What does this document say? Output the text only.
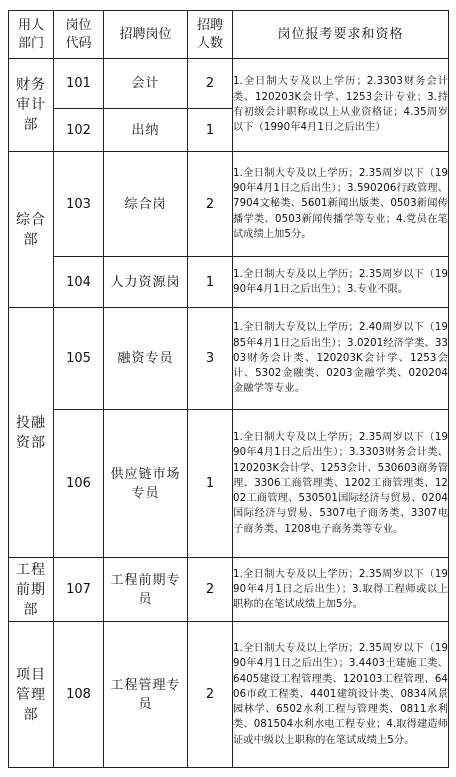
用人部门	岗位代码	招聘岗位	招聘人数	岗位报考要求和资格
财务审计部	101	会计	2	1.全日制大专及以上学历；2.3303财务会计类、120203K会计学、1253会计专业；3.持有初级会计职称或以上从业资格证；4.35周岁以下（1990年4月1日之后出生）
	102	出纳	1	
综合部	103	综合岗	2	1.全日制大专及以上学历；2.35周岁以下（1990年4月1日之后出生）；3.590206行政管理、7904文秘类、5601新闻出版类、0503新闻传播学类、0503新闻传播学等专业；4.党员在笔试成绩上加5分。
	104	人力资源岗	1	1.全日制大专及以上学历；2.35周岁以下（1990年4月1日之后出生）；3.专业不限。
投融资部	105	融资专员	3	1.全日制大专及以上学历；2.40周岁以下（1985年4月1日之后出生）；3.0201经济学类、3303财务会计类、120203K会计学、1253会计、5302金融类、0203金融学类、020204金融学等专业。
	106	供应链市场专员	1	1.全日制大专及以上学历；2.35周岁以下（1990年4月1日之后出生）；3.3303财务会计类、120203K会计学、1253会计、530603商务管理、3306工商管理类、1202工商管理类、1202工商管理、530501国际经济与贸易、0204国际经济与贸易、5307电子商务类、3307电子商务类、1208电子商务类等专业。
工程前期部	107	工程前期专员	2	1.全日制大专及以上学历；2.35周岁以下（1990年4月1日之后出生）；3.取得工程师或以上职称的在笔试成绩上加5分。
项目管理部	108	工程管理专员	2	1.全日制大专及以上学历；2.35周岁以下（1990年4月1日之后出生）；3.4403土建施工类、6405建设工程管理类、120103工程管理、6406市政工程类、4401建筑设计类、0834风景园林学、6502水利工程与管理类、0811水利类、081504水利水电工程专业；4.取得建造师证或中级以上职称的在笔试成绩上5分。
